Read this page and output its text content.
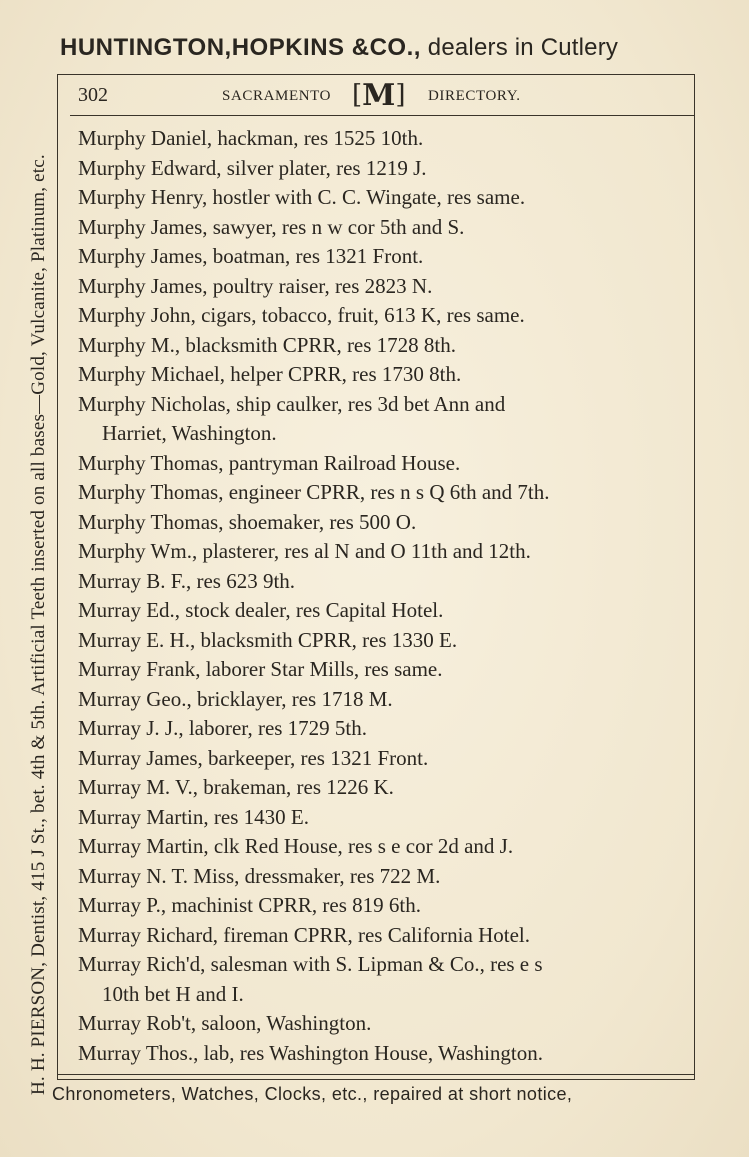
HUNTINGTON,HOPKINS &CO., dealers in Cutlery
H. H. PIERSON, Dentist, 415 J St., bet. 4th & 5th. Artificial Teeth inserted on all bases—Gold, Vulcanite, Platinum, etc.
302	SACRAMENTO [M] DIRECTORY.
Murphy Daniel, hackman, res 1525 10th.
Murphy Edward, silver plater, res 1219 J.
Murphy Henry, hostler with C. C. Wingate, res same.
Murphy James, sawyer, res n w cor 5th and S.
Murphy James, boatman, res 1321 Front.
Murphy James, poultry raiser, res 2823 N.
Murphy John, cigars, tobacco, fruit, 613 K, res same.
Murphy M., blacksmith CPRR, res 1728 8th.
Murphy Michael, helper CPRR, res 1730 8th.
Murphy Nicholas, ship caulker, res 3d bet Ann and
Harriet, Washington.
Murphy Thomas, pantryman Railroad House.
Murphy Thomas, engineer CPRR, res n s Q 6th and 7th.
Murphy Thomas, shoemaker, res 500 O.
Murphy Wm., plasterer, res al N and O 11th and 12th.
Murray B. F., res 623 9th.
Murray Ed., stock dealer, res Capital Hotel.
Murray E. H., blacksmith CPRR, res 1330 E.
Murray Frank, laborer Star Mills, res same.
Murray Geo., bricklayer, res 1718 M.
Murray J. J., laborer, res 1729 5th.
Murray James, barkeeper, res 1321 Front.
Murray M. V., brakeman, res 1226 K.
Murray Martin, res 1430 E.
Murray Martin, clk Red House, res s e cor 2d and J.
Murray N. T. Miss, dressmaker, res 722 M.
Murray P., machinist CPRR, res 819 6th.
Murray Richard, fireman CPRR, res California Hotel.
Murray Rich'd, salesman with S. Lipman & Co., res e s
10th bet H and I.
Murray Rob't, saloon, Washington.
Murray Thos., lab, res Washington House, Washington.
Chronometers, Watches, Clocks, etc., repaired at short notice,
